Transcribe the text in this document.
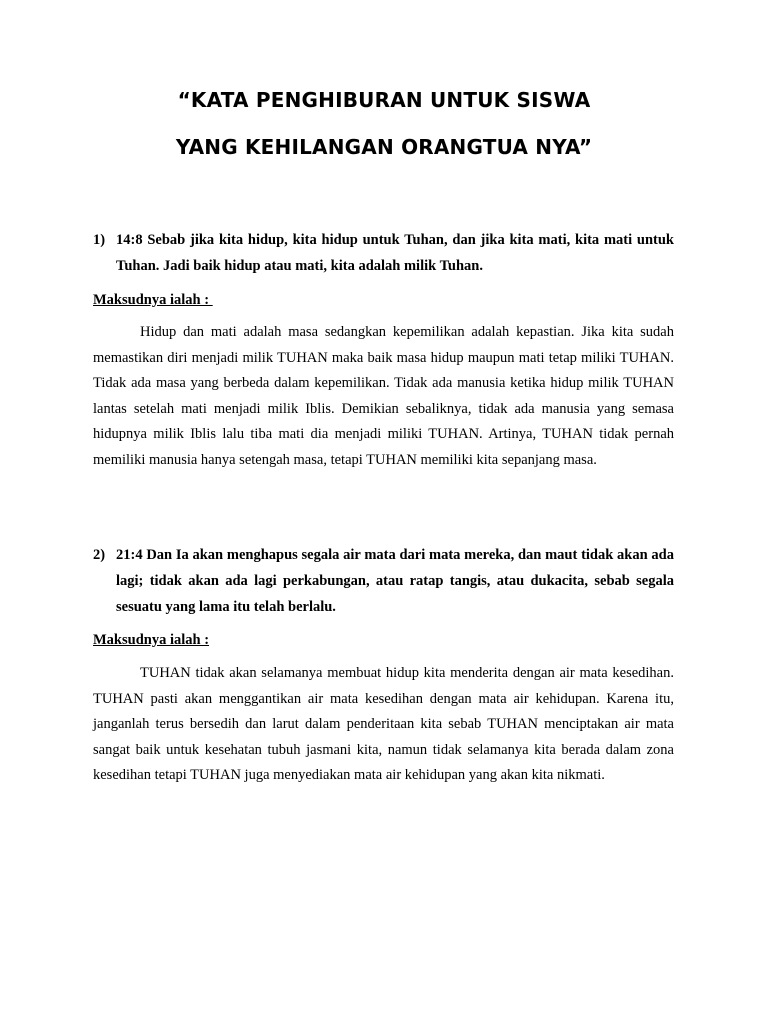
“KATA PENGHIBURAN UNTUK SISWA
YANG KEHILANGAN ORANGTUA NYA”
1) 14:8 Sebab jika kita hidup, kita hidup untuk Tuhan, dan jika kita mati, kita mati untuk Tuhan. Jadi baik hidup atau mati, kita adalah milik Tuhan.
Maksudnya ialah :

Hidup dan mati adalah masa sedangkan kepemilikan adalah kepastian. Jika kita sudah memastikan diri menjadi milik TUHAN maka baik masa hidup maupun mati tetap miliki TUHAN. Tidak ada masa yang berbeda dalam kepemilikan. Tidak ada manusia ketika hidup milik TUHAN lantas setelah mati menjadi milik Iblis. Demikian sebaliknya, tidak ada manusia yang semasa hidupnya milik Iblis lalu tiba mati dia menjadi miliki TUHAN. Artinya, TUHAN tidak pernah memiliki manusia hanya setengah masa, tetapi TUHAN memiliki kita sepanjang masa.

2) 21:4 Dan Ia akan menghapus segala air mata dari mata mereka, dan maut tidak akan ada lagi; tidak akan ada lagi perkabungan, atau ratap tangis, atau dukacita, sebab segala sesuatu yang lama itu telah berlalu.
Maksudnya ialah :

TUHAN tidak akan selamanya membuat hidup kita menderita dengan air mata kesedihan. TUHAN pasti akan menggantikan air mata kesedihan dengan mata air kehidupan. Karena itu, janganlah terus bersedih dan larut dalam penderitaan kita sebab TUHAN menciptakan air mata sangat baik untuk kesehatan tubuh jasmani kita, namun tidak selamanya kita berada dalam zona kesedihan tetapi TUHAN juga menyediakan mata air kehidupan yang akan kita nikmati.
